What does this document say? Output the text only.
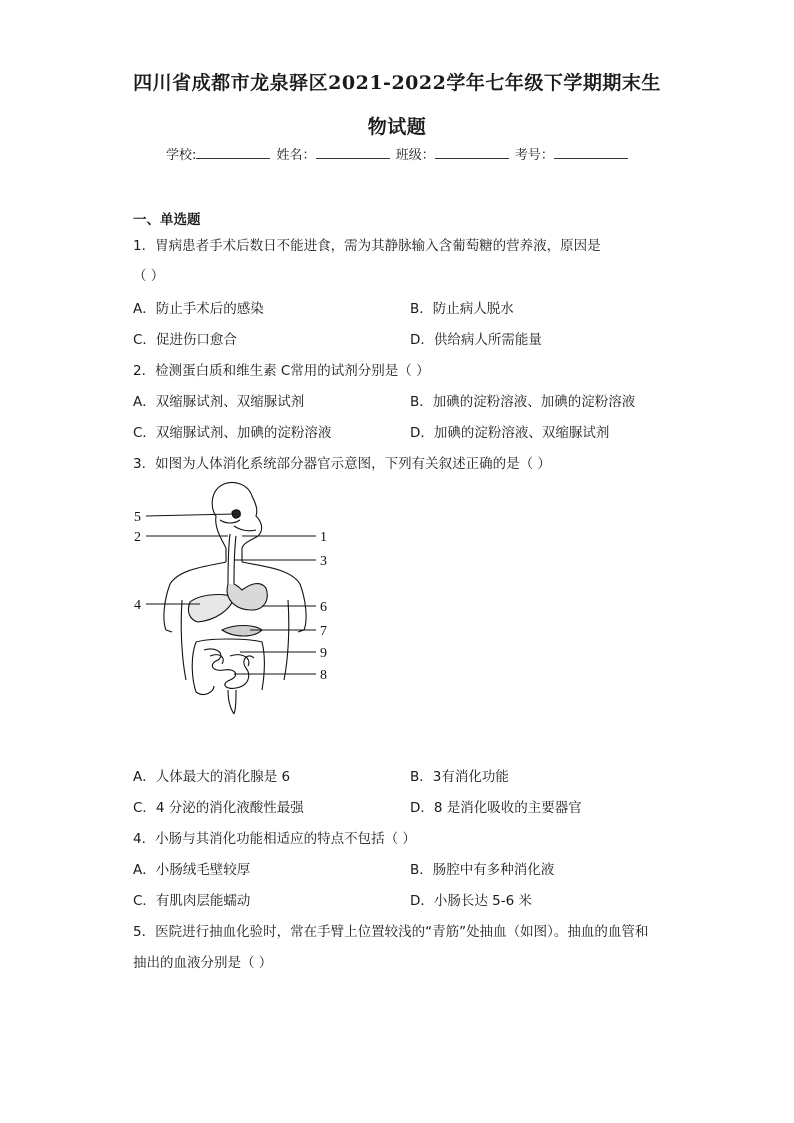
四川省成都市龙泉驿区2021-2022学年七年级下学期期末生
物试题
学校:	姓名：	班级：	考号：
一、单选题
1．胃病患者手术后数日不能进食，需为其静脉输入含葡萄糖的营养液，原因是
（ ）
A．防止手术后的感染	B．防止病人脱水
C．促进伤口愈合	D．供给病人所需能量
2．检测蛋白质和维生素 C常用的试剂分别是（ ）
A．双缩脲试剂、双缩脲试剂	B．加碘的淀粉溶液、加碘的淀粉溶液
C．双缩脲试剂、加碘的淀粉溶液	D．加碘的淀粉溶液、双缩脲试剂
3．如图为人体消化系统部分器官示意图，下列有关叙述正确的是（ ）
5
2
4
1
3
6
7
9
8
A．人体最大的消化腺是 6	B．3有消化功能
C．4 分泌的消化液酸性最强	D．8 是消化吸收的主要器官
4．小肠与其消化功能相适应的特点不包括（ ）
A．小肠绒毛壁较厚	B．肠腔中有多种消化液
C．有肌肉层能蠕动	D．小肠长达 5-6 米
5．医院进行抽血化验时，常在手臂上位置较浅的“青筋”处抽血（如图）。抽血的血管和
抽出的血液分别是（ ）
